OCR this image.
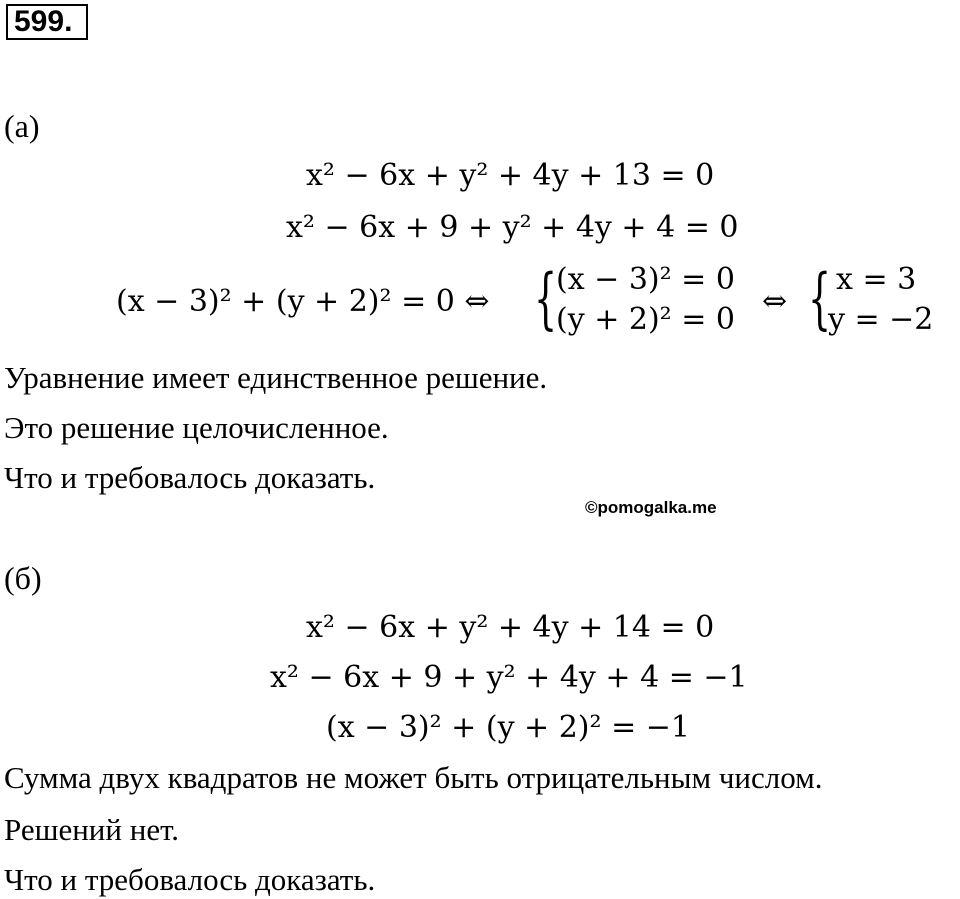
599.
(а)
x² − 6x + y² + 4y + 13 = 0
x² − 6x + 9 + y² + 4y + 4 = 0
(x − 3)² + (y + 2)² = 0 ⇔ {
(x − 3)² = 0
(y + 2)² = 0
⇔ { x = 3
y = −2
Уравнение имеет единственное решение.
Это решение целочисленное.
Что и требовалось доказать.
©pomogalka.me
(б)
x² − 6x + y² + 4y + 14 = 0
x² − 6x + 9 + y² + 4y + 4 = −1
(x − 3)² + (y + 2)² = −1
Сумма двух квадратов не может быть отрицательным числом.
Решений нет.
Что и требовалось доказать.
